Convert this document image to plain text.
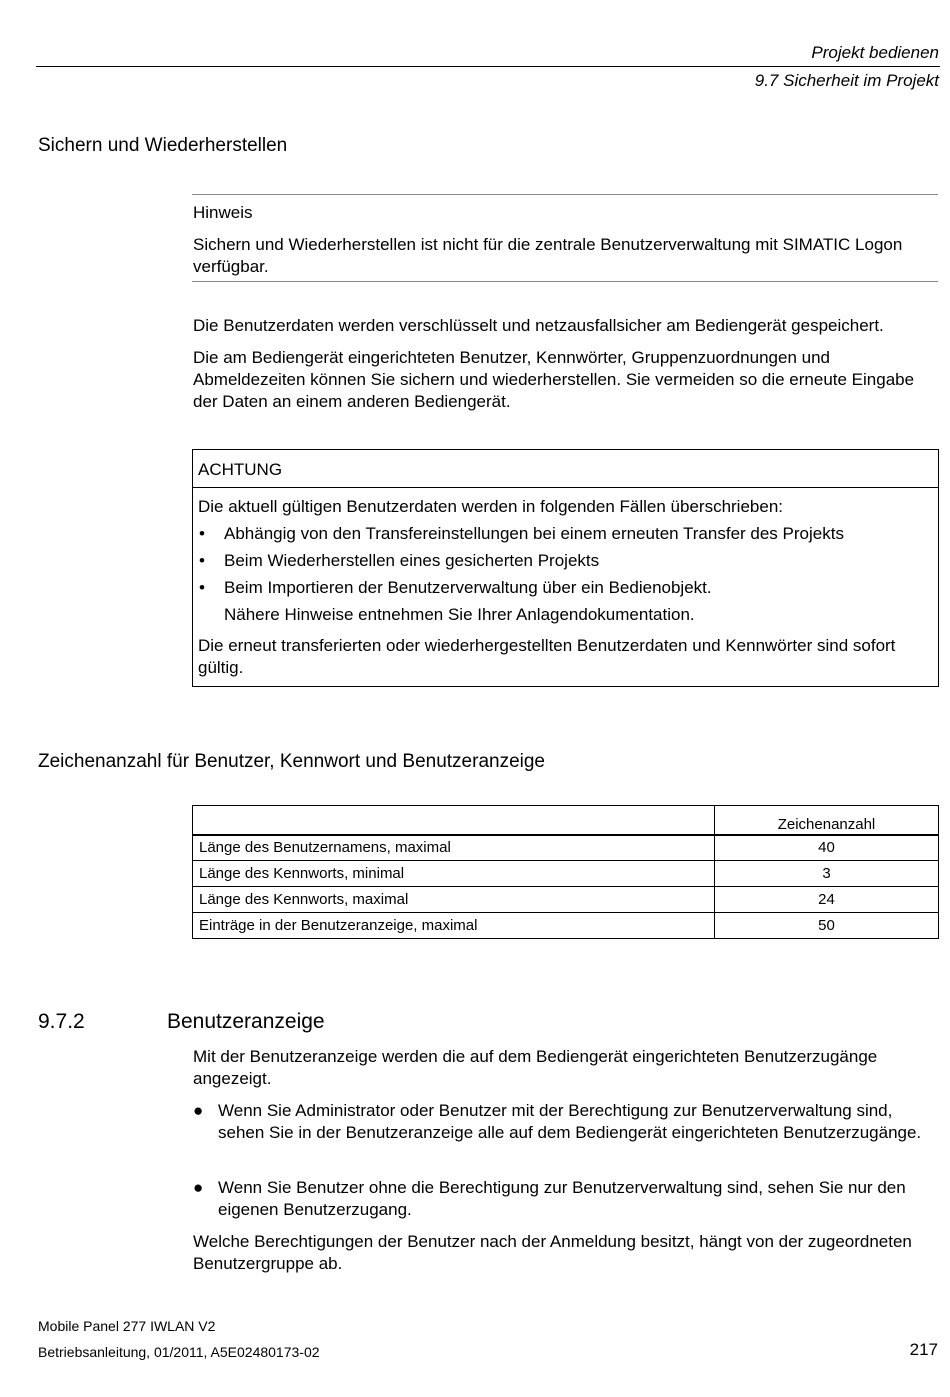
Projekt bedienen
9.7 Sicherheit im Projekt
Sichern und Wiederherstellen
Hinweis
Sichern und Wiederherstellen ist nicht für die zentrale Benutzerverwaltung mit SIMATIC Logon verfügbar.
Die Benutzerdaten werden verschlüsselt und netzausfallsicher am Bediengerät gespeichert.
Die am Bediengerät eingerichteten Benutzer, Kennwörter, Gruppenzuordnungen und Abmeldezeiten können Sie sichern und wiederherstellen. Sie vermeiden so die erneute Eingabe der Daten an einem anderen Bediengerät.
ACHTUNG
Die aktuell gültigen Benutzerdaten werden in folgenden Fällen überschrieben:
• Abhängig von den Transfereinstellungen bei einem erneuten Transfer des Projekts
• Beim Wiederherstellen eines gesicherten Projekts
• Beim Importieren der Benutzerverwaltung über ein Bedienobjekt.
Nähere Hinweise entnehmen Sie Ihrer Anlagendokumentation.
Die erneut transferierten oder wiederhergestellten Benutzerdaten und Kennwörter sind sofort gültig.
Zeichenanzahl für Benutzer, Kennwort und Benutzeranzeige
	Zeichenanzahl
Länge des Benutzernamens, maximal	40
Länge des Kennworts, minimal	3
Länge des Kennworts, maximal	24
Einträge in der Benutzeranzeige, maximal	50
9.7.2	Benutzeranzeige
Mit der Benutzeranzeige werden die auf dem Bediengerät eingerichteten Benutzerzugänge angezeigt.
● Wenn Sie Administrator oder Benutzer mit der Berechtigung zur Benutzerverwaltung sind, sehen Sie in der Benutzeranzeige alle auf dem Bediengerät eingerichteten Benutzerzugänge.
● Wenn Sie Benutzer ohne die Berechtigung zur Benutzerverwaltung sind, sehen Sie nur den eigenen Benutzerzugang.
Welche Berechtigungen der Benutzer nach der Anmeldung besitzt, hängt von der zugeordneten Benutzergruppe ab.
Mobile Panel 277 IWLAN V2
Betriebsanleitung, 01/2011, A5E02480173-02	217
